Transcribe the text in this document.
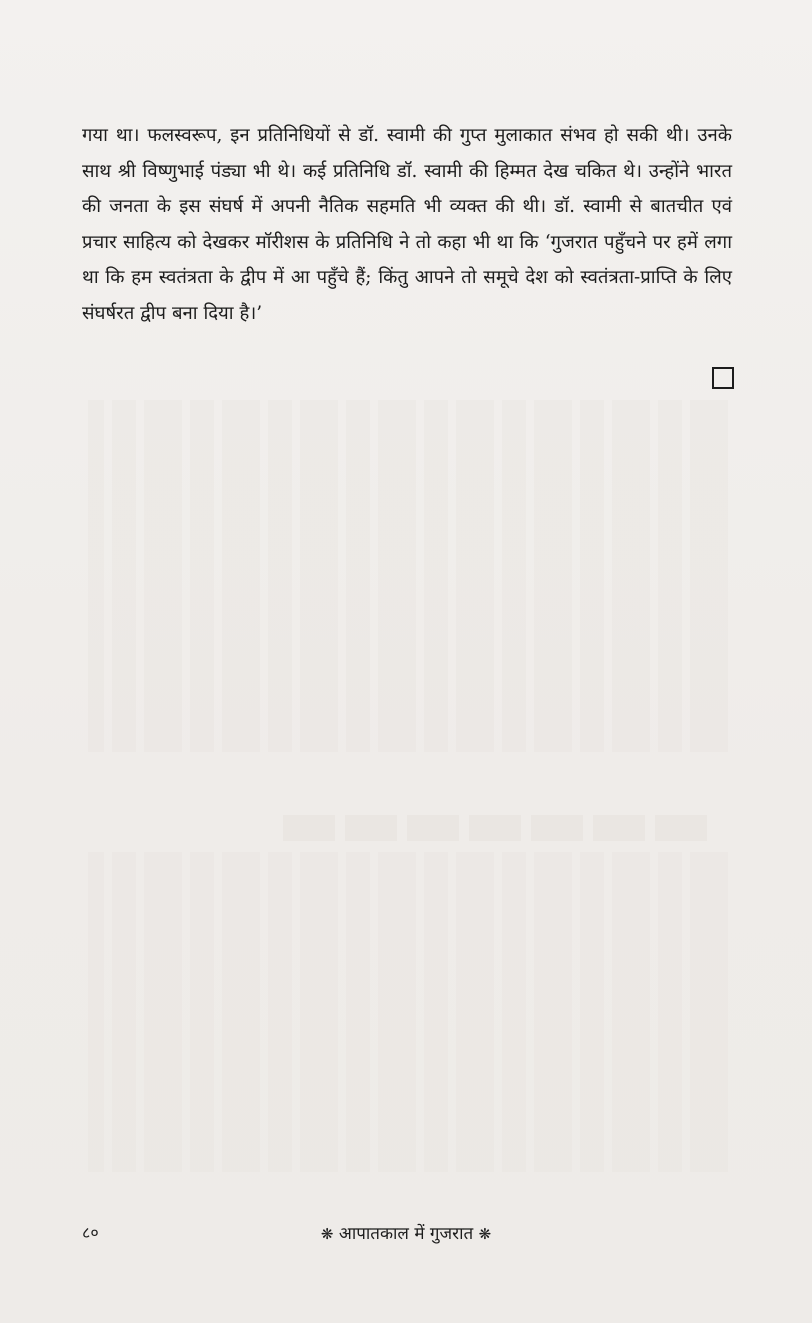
गया था। फलस्वरूप, इन प्रतिनिधियों से डॉ. स्वामी की गुप्त मुलाकात संभव हो सकी थी। उनके साथ श्री विष्णुभाई पंड्या भी थे। कई प्रतिनिधि डॉ. स्वामी की हिम्मत देख चकित थे। उन्होंने भारत की जनता के इस संघर्ष में अपनी नैतिक सहमति भी व्यक्त की थी। डॉ. स्वामी से बातचीत एवं प्रचार साहित्य को देखकर मॉरीशस के प्रतिनिधि ने तो कहा भी था कि ‘गुजरात पहुँचने पर हमें लगा था कि हम स्वतंत्रता के द्वीप में आ पहुँचे हैं; किंतु आपने तो समूचे देश को स्वतंत्रता-प्राप्ति के लिए संघर्षरत द्वीप बना दिया है।’

८०	❋ आपातकाल में गुजरात ❋
